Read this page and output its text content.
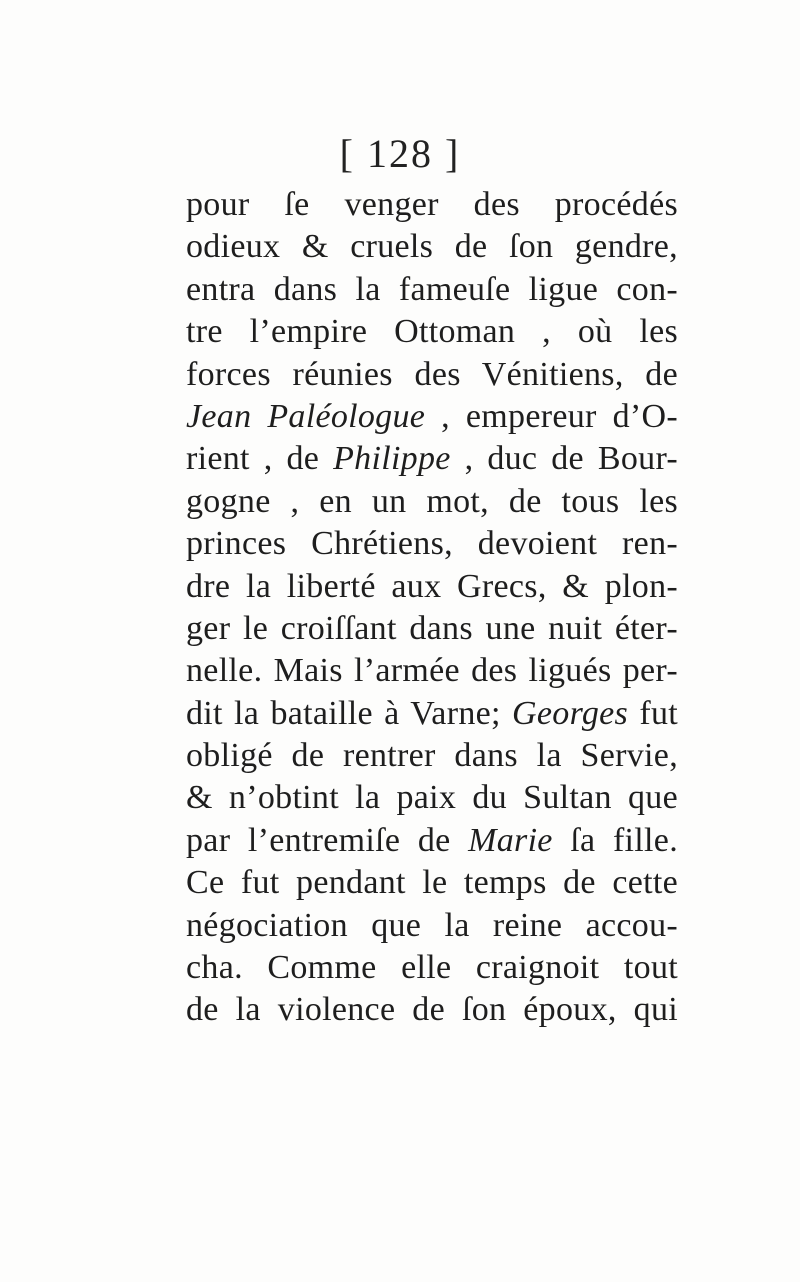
[ 128 ]
pour ſe venger des procédés
odieux & cruels de ſon gendre,
entra dans la fameuſe ligue con-
tre l’empire Ottoman , où les
forces réunies des Vénitiens, de
Jean Paléologue , empereur d’O-
rient , de Philippe , duc de Bour-
gogne , en un mot, de tous les
princes Chrétiens, devoient ren-
dre la liberté aux Grecs, & plon-
ger le croiſſant dans une nuit éter-
nelle. Mais l’armée des ligués per-
dit la bataille à Varne; Georges fut
obligé de rentrer dans la Servie,
& n’obtint la paix du Sultan que
par l’entremiſe de Marie ſa fille.
Ce fut pendant le temps de cette
négociation que la reine accou-
cha. Comme elle craignoit tout
de la violence de ſon époux, qui
